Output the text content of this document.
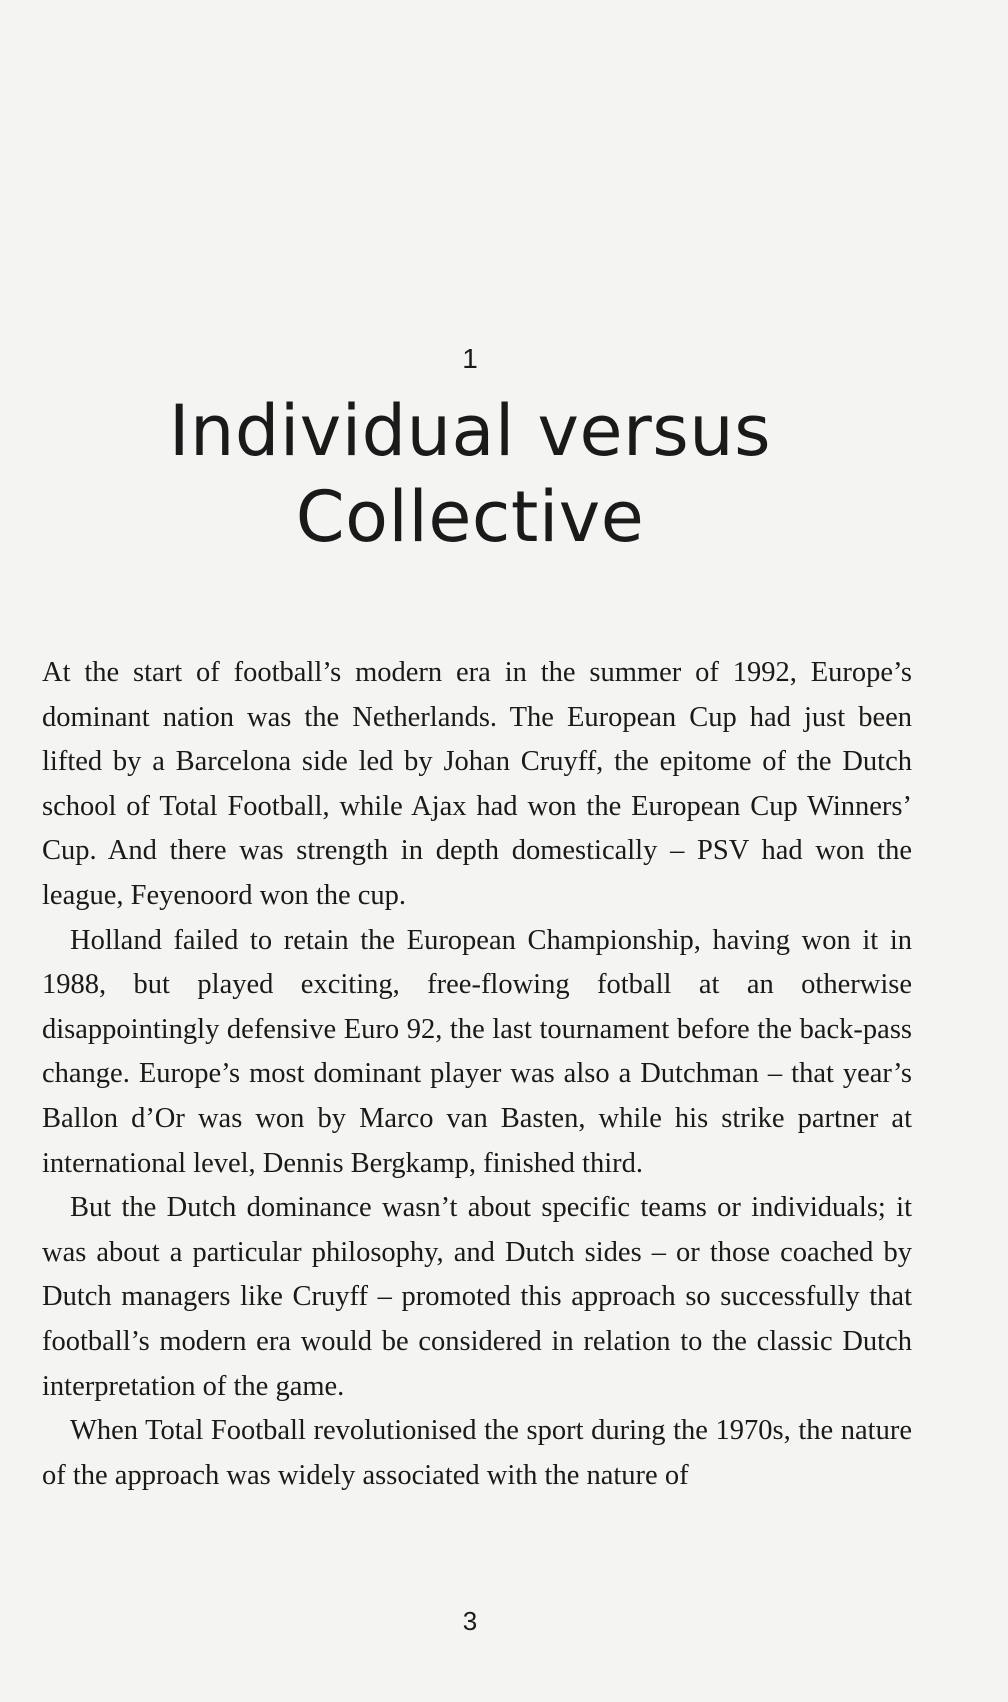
1
Individual versus
Collective

At the start of football’s modern era in the summer of 1992, Europe’s dominant nation was the Netherlands. The European Cup had just been lifted by a Barcelona side led by Johan Cruyff, the epitome of the Dutch school of Total Football, while Ajax had won the European Cup Winners’ Cup. And there was strength in depth domestically – PSV had won the league, Feyenoord won the cup.

Holland failed to retain the European Championship, having won it in 1988, but played exciting, free-flowing fotball at an otherwise disappointingly defensive Euro 92, the last tournament before the back-pass change. Europe’s most dominant player was also a Dutchman – that year’s Ballon d’Or was won by Marco van Basten, while his strike partner at international level, Dennis Bergkamp, finished third.

But the Dutch dominance wasn’t about specific teams or individuals; it was about a particular philosophy, and Dutch sides – or those coached by Dutch managers like Cruyff – promoted this approach so successfully that football’s modern era would be considered in relation to the classic Dutch interpretation of the game.

When Total Football revolutionised the sport during the 1970s, the nature of the approach was widely associated with the nature of

3
